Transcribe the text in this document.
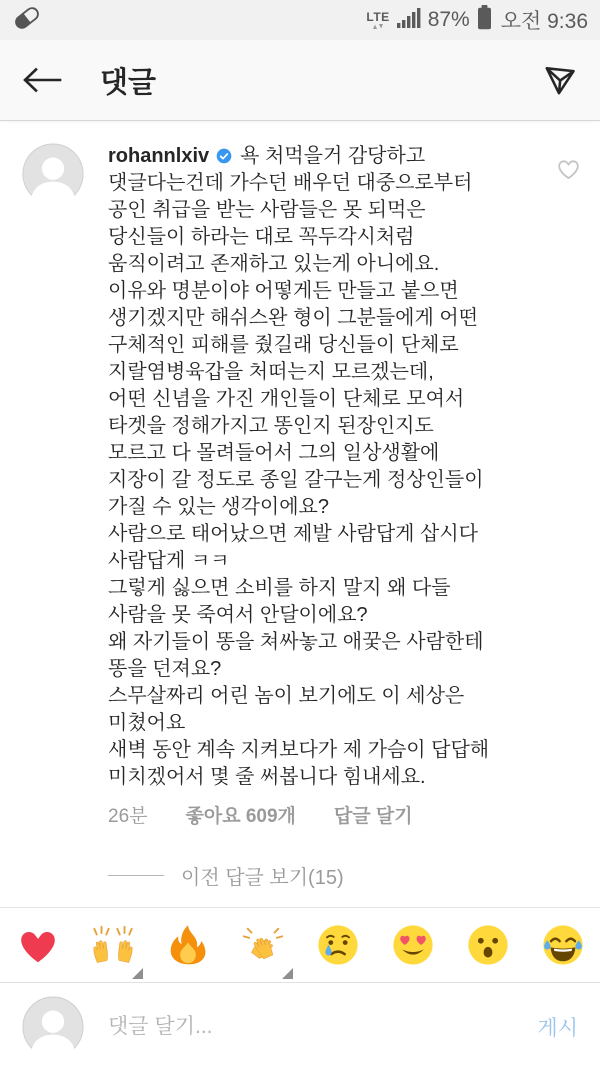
LTE 87% 오전 9:36
댓글
rohannlxiv 욕 처먹을거 감당하고
댓글다는건데 가수던 배우던 대중으로부터
공인 취급을 받는 사람들은 못 되먹은
당신들이 하라는 대로 꼭두각시처럼
움직이려고 존재하고 있는게 아니에요.
이유와 명분이야 어떻게든 만들고 붙으면
생기겠지만 해쉬스완 형이 그분들에게 어떤
구체적인 피해를 줬길래 당신들이 단체로
지랄염병육갑을 처떠는지 모르겠는데,
어떤 신념을 가진 개인들이 단체로 모여서
타겟을 정해가지고 똥인지 된장인지도
모르고 다 몰려들어서 그의 일상생활에
지장이 갈 정도로 종일 갈구는게 정상인들이
가질 수 있는 생각이에요?
사람으로 태어났으면 제발 사람답게 삽시다
사람답게 ㅋㅋ
그렇게 싫으면 소비를 하지 말지 왜 다들
사람을 못 죽여서 안달이에요?
왜 자기들이 똥을 쳐싸놓고 애꿎은 사람한테
똥을 던져요?
스무살짜리 어린 놈이 보기에도 이 세상은
미쳤어요
새벽 동안 계속 지켜보다가 제 가슴이 답답해
미치겠어서 몇 줄 써봅니다 힘내세요.
26분 좋아요 609개 답글 달기
이전 답글 보기(15)
댓글 달기...
게시
